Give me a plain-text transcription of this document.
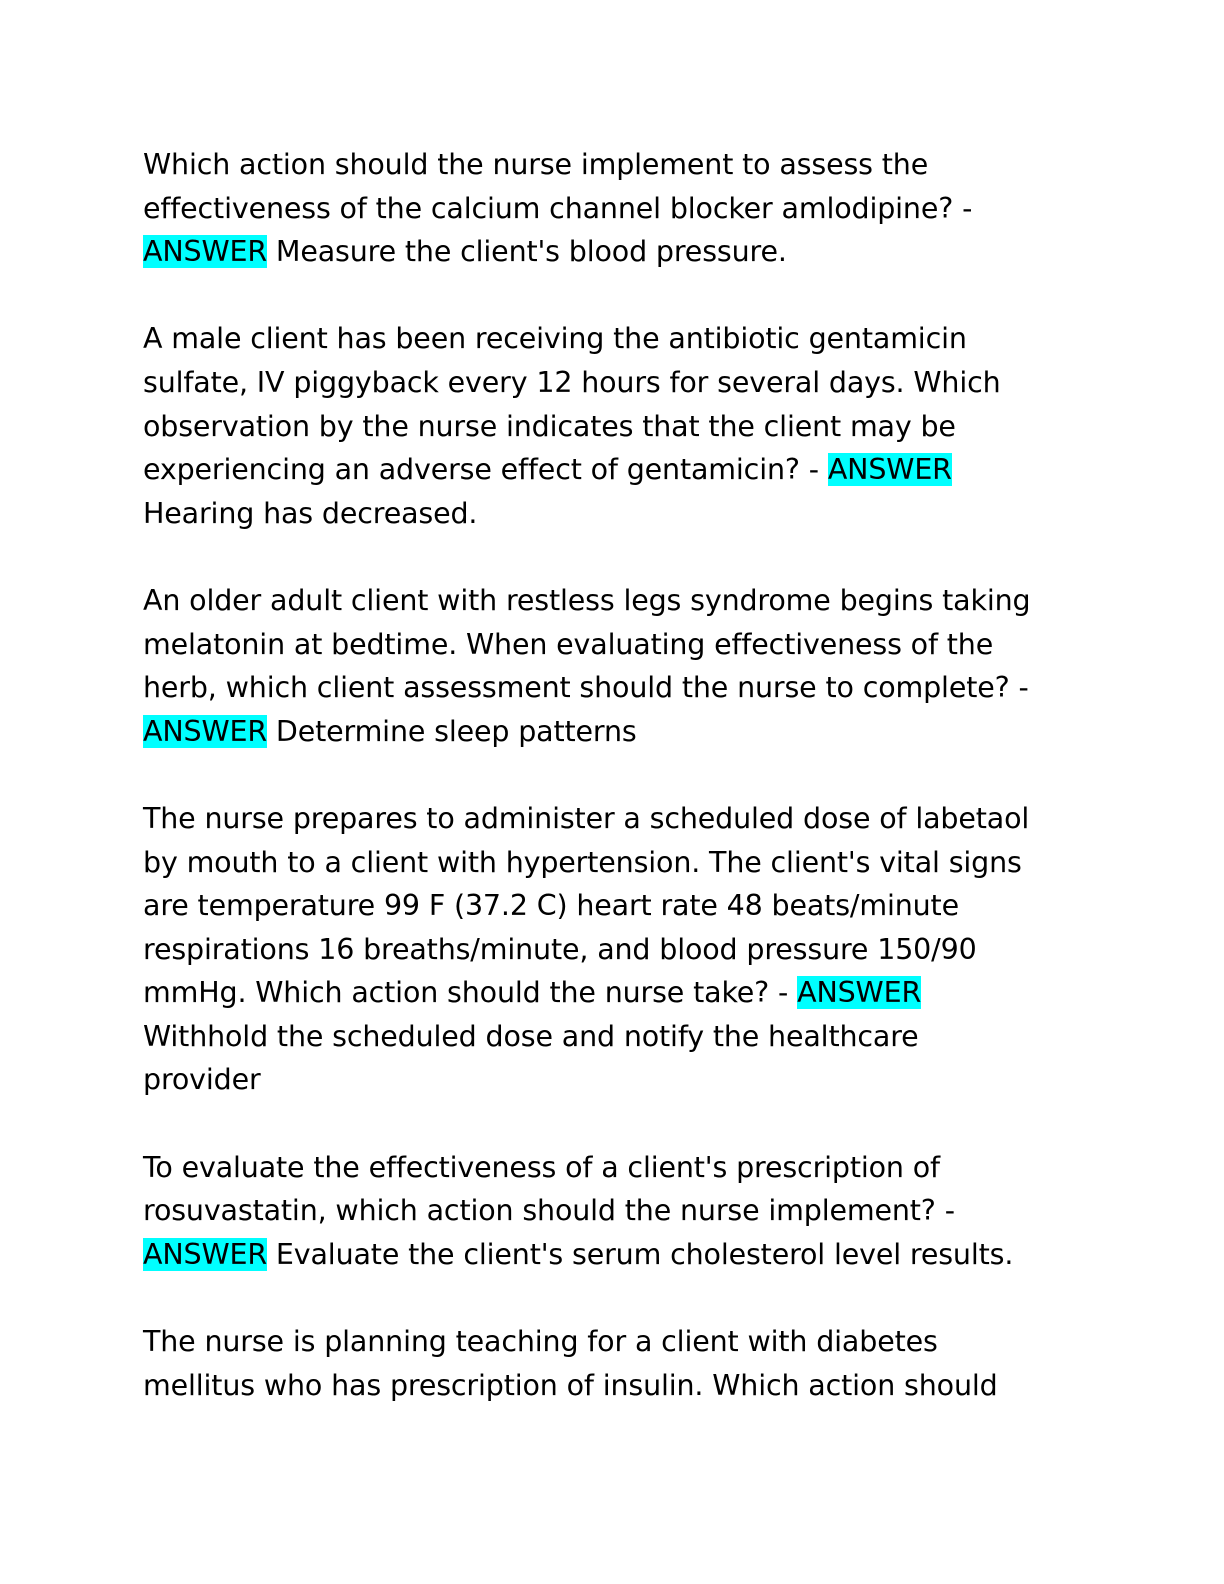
Which action should the nurse implement to assess the
effectiveness of the calcium channel blocker amlodipine? -
ANSWER Measure the client's blood pressure.
A male client has been receiving the antibiotic gentamicin
sulfate, IV piggyback every 12 hours for several days. Which
observation by the nurse indicates that the client may be
experiencing an adverse effect of gentamicin? - ANSWER
Hearing has decreased.
An older adult client with restless legs syndrome begins taking
melatonin at bedtime. When evaluating effectiveness of the
herb, which client assessment should the nurse to complete? -
ANSWER Determine sleep patterns
The nurse prepares to administer a scheduled dose of labetaol
by mouth to a client with hypertension. The client's vital signs
are temperature 99 F (37.2 C) heart rate 48 beats/minute
respirations 16 breaths/minute, and blood pressure 150/90
mmHg. Which action should the nurse take? - ANSWER
Withhold the scheduled dose and notify the healthcare
provider
To evaluate the effectiveness of a client's prescription of
rosuvastatin, which action should the nurse implement? -
ANSWER Evaluate the client's serum cholesterol level results.
The nurse is planning teaching for a client with diabetes
mellitus who has prescription of insulin. Which action should
